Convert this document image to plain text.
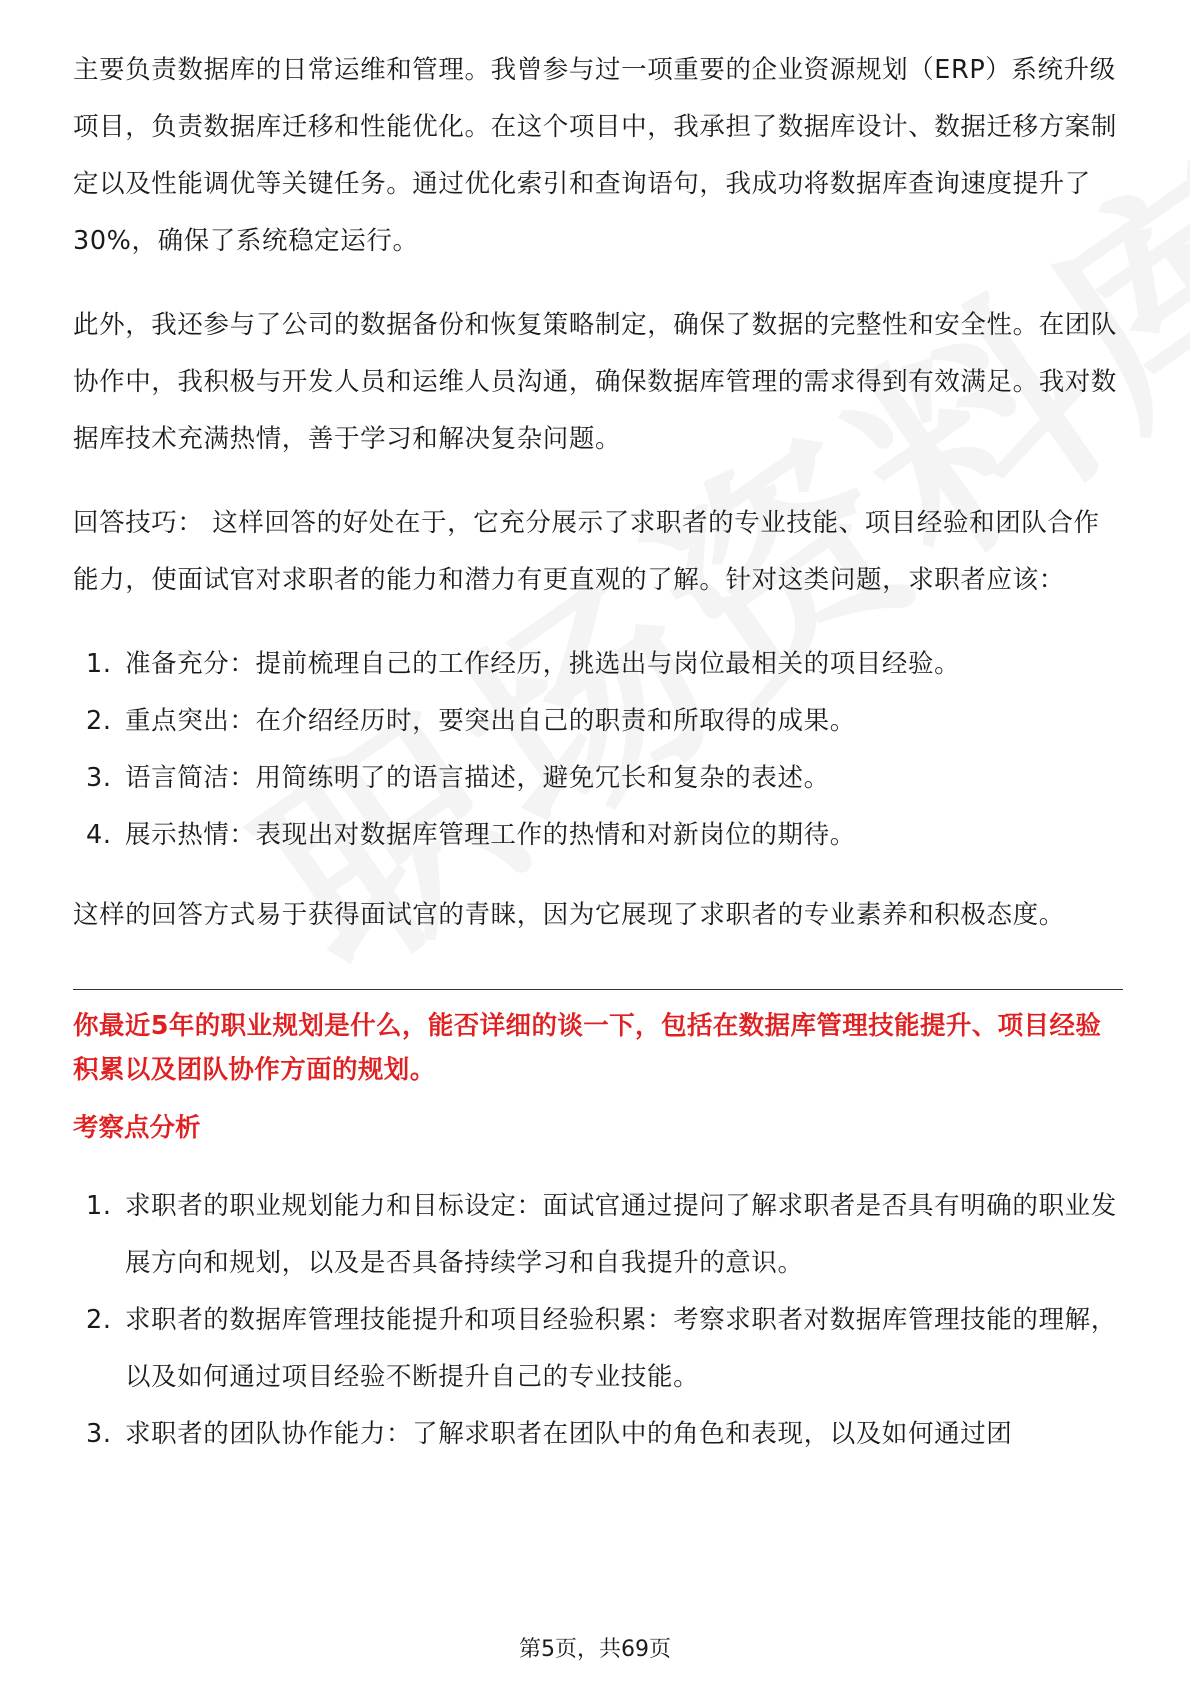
主要负责数据库的日常运维和管理。我曾参与过一项重要的企业资源规划（ERP）系统升级项目，负责数据库迁移和性能优化。在这个项目中，我承担了数据库设计、数据迁移方案制定以及性能调优等关键任务。通过优化索引和查询语句，我成功将数据库查询速度提升了30%，确保了系统稳定运行。

此外，我还参与了公司的数据备份和恢复策略制定，确保了数据的完整性和安全性。在团队协作中，我积极与开发人员和运维人员沟通，确保数据库管理的需求得到有效满足。我对数据库技术充满热情，善于学习和解决复杂问题。

回答技巧： 这样回答的好处在于，它充分展示了求职者的专业技能、项目经验和团队合作能力，使面试官对求职者的能力和潜力有更直观的了解。针对这类问题，求职者应该：

1. 准备充分：提前梳理自己的工作经历，挑选出与岗位最相关的项目经验。
2. 重点突出：在介绍经历时，要突出自己的职责和所取得的成果。
3. 语言简洁：用简练明了的语言描述，避免冗长和复杂的表述。
4. 展示热情：表现出对数据库管理工作的热情和对新岗位的期待。

这样的回答方式易于获得面试官的青睐，因为它展现了求职者的专业素养和积极态度。

你最近5年的职业规划是什么，能否详细的谈一下，包括在数据库管理技能提升、项目经验积累以及团队协作方面的规划。
考察点分析
1. 求职者的职业规划能力和目标设定：面试官通过提问了解求职者是否具有明确的职业发展方向和规划，以及是否具备持续学习和自我提升的意识。
2. 求职者的数据库管理技能提升和项目经验积累：考察求职者对数据库管理技能的理解，以及如何通过项目经验不断提升自己的专业技能。
3. 求职者的团队协作能力：了解求职者在团队中的角色和表现，以及如何通过团
第5页，共69页
